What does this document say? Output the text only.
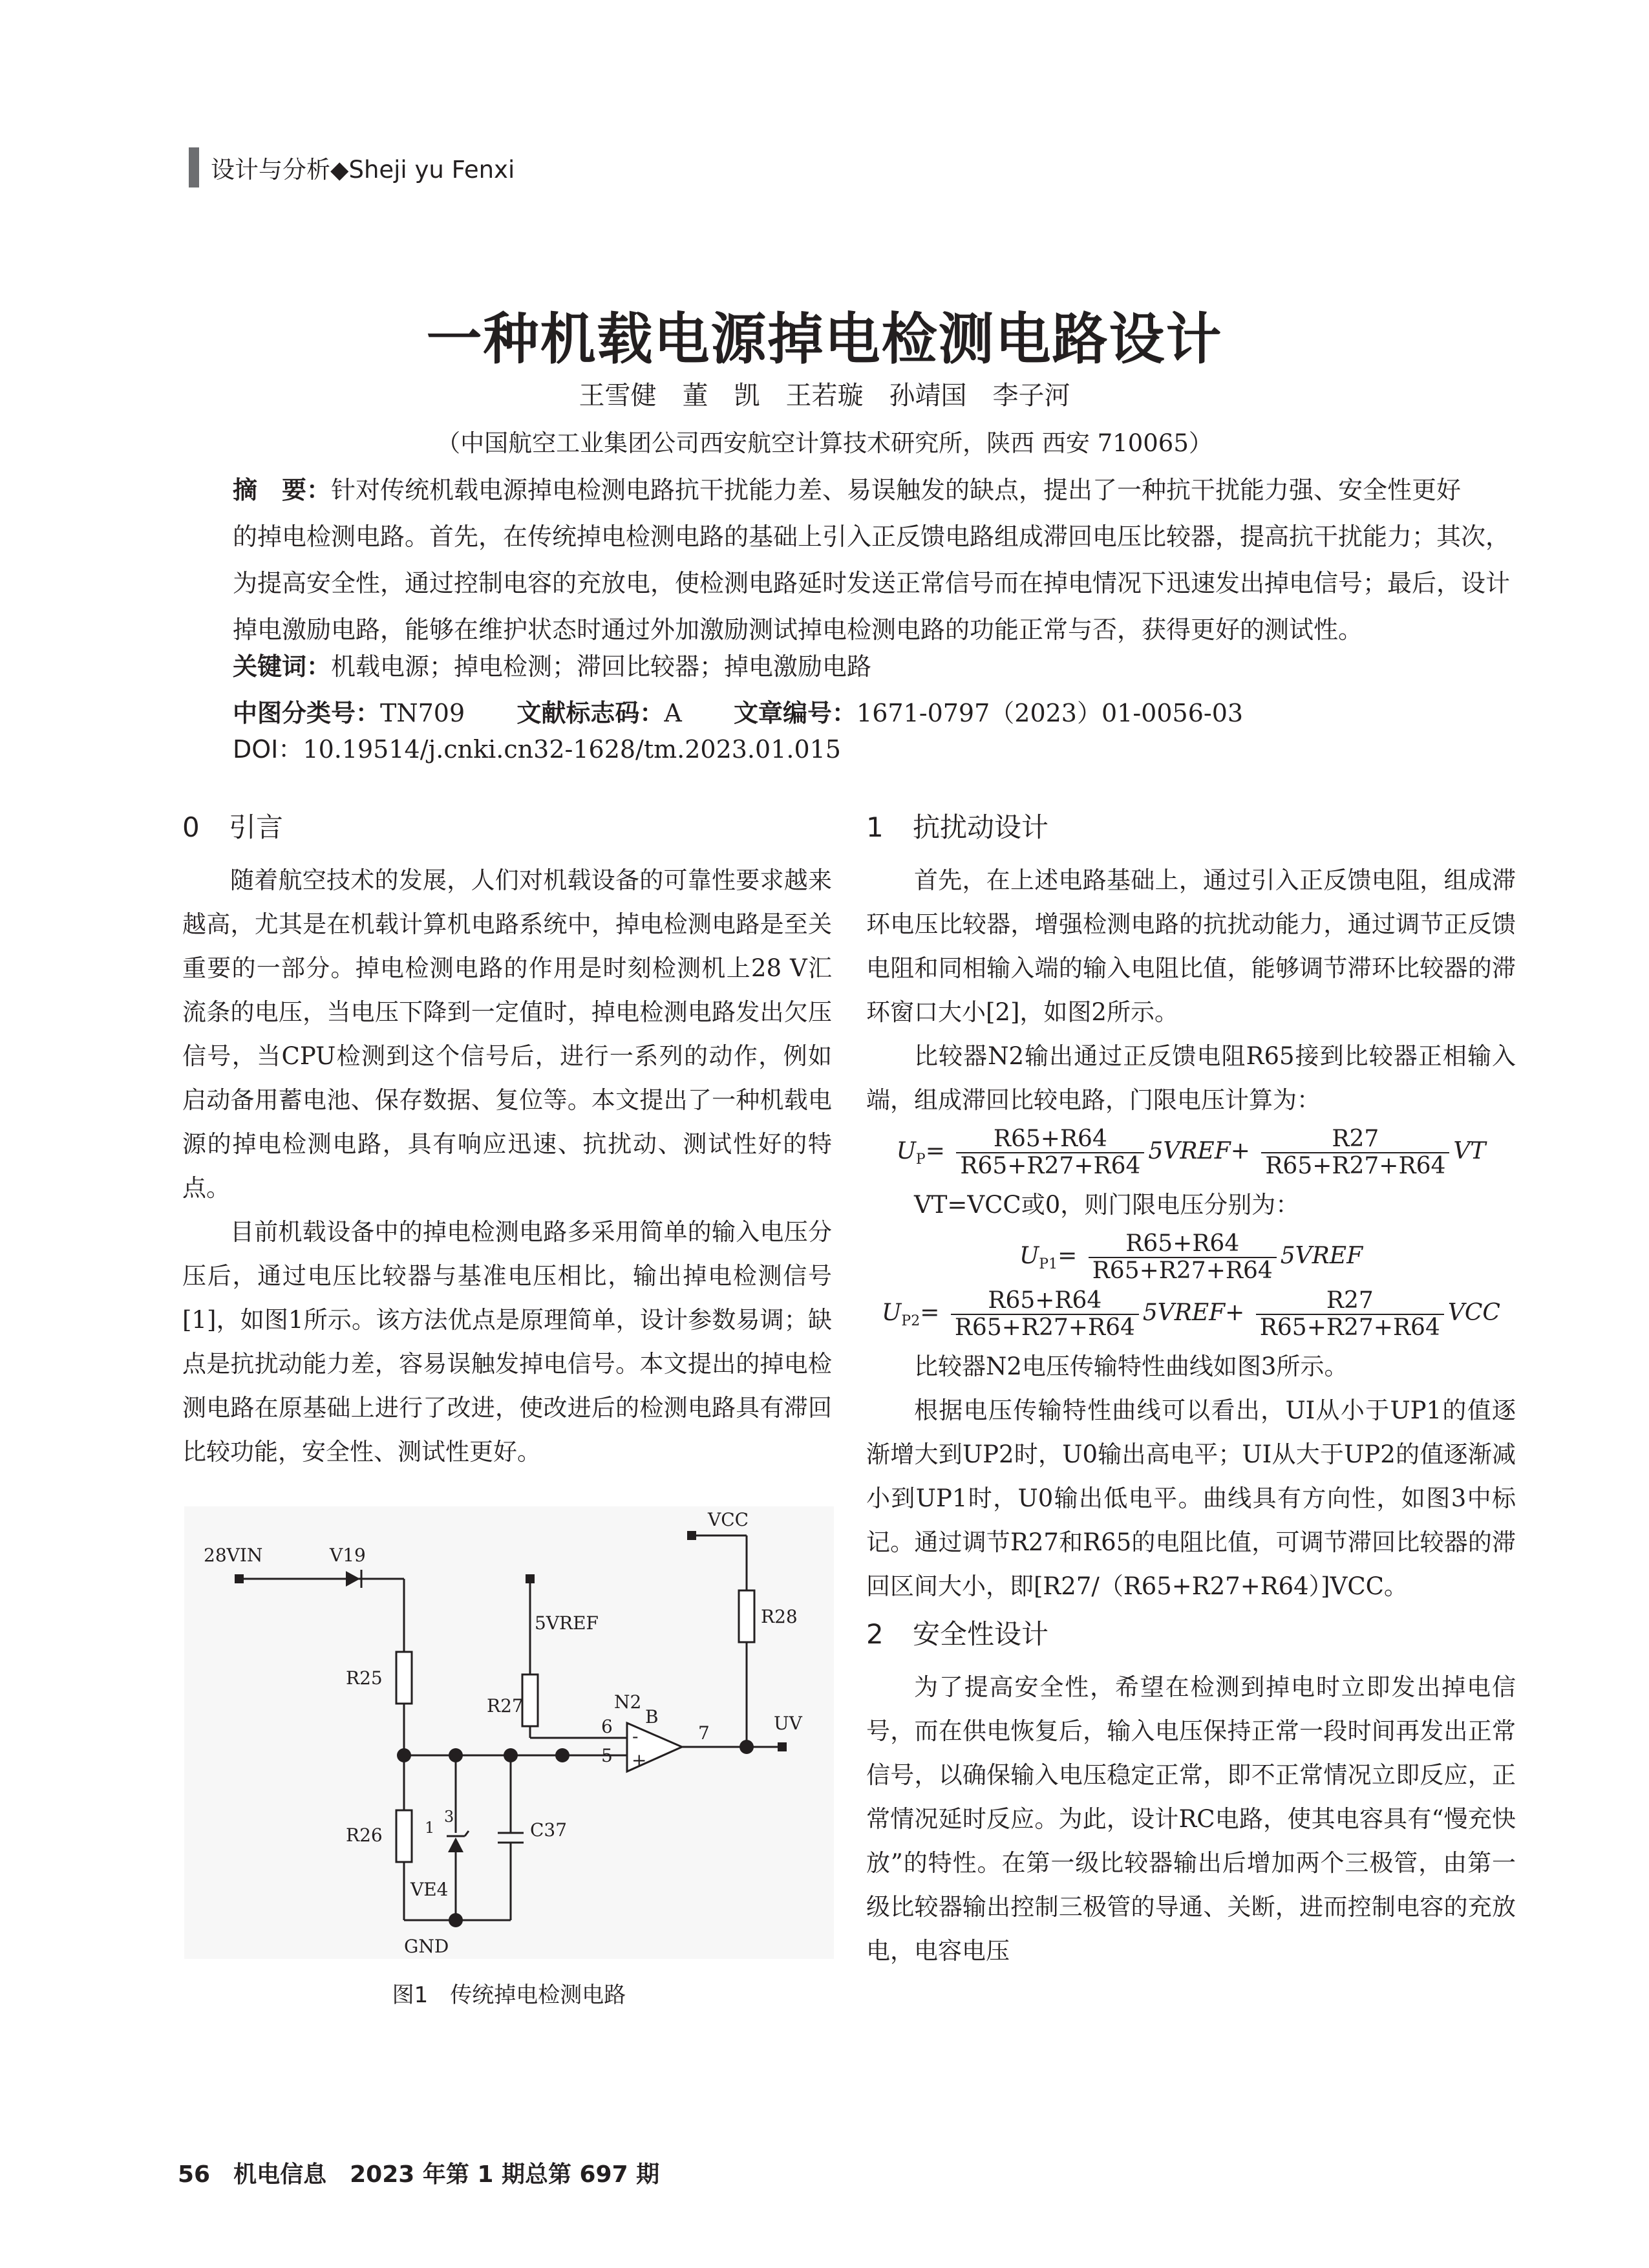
设计与分析◆Sheji yu Fenxi
一种机载电源掉电检测电路设计
王雪健　董　凯　王若璇　孙靖国　李子河
（中国航空工业集团公司西安航空计算技术研究所，陕西 西安 710065）
摘　要：针对传统机载电源掉电检测电路抗干扰能力差、易误触发的缺点，提出了一种抗干扰能力强、安全性更好
的掉电检测电路。首先，在传统掉电检测电路的基础上引入正反馈电路组成滞回电压比较器，提高抗干扰能力；其次，
为提高安全性，通过控制电容的充放电，使检测电路延时发送正常信号而在掉电情况下迅速发出掉电信号；最后，设计
掉电激励电路，能够在维护状态时通过外加激励测试掉电检测电路的功能正常与否，获得更好的测试性。
关键词：机载电源；掉电检测；滞回比较器；掉电激励电路
中图分类号：TN709 文献标志码：A 文章编号：1671-0797（2023）01-0056-03
DOI：10.19514/j.cnki.cn32-1628/tm.2023.01.015
0 引言

随着航空技术的发展，人们对机载设备的可靠性要求越来越高，尤其是在机载计算机电路系统中，掉电检测电路是至关重要的一部分。掉电检测电路的作用是时刻检测机上28 V汇流条的电压，当电压下降到一定值时，掉电检测电路发出欠压信号，当CPU检测到这个信号后，进行一系列的动作，例如启动备用蓄电池、保存数据、复位等。本文提出了一种机载电源的掉电检测电路，具有响应迅速、抗扰动、测试性好的特点。

目前机载设备中的掉电检测电路多采用简单的输入电压分压后，通过电压比较器与基准电压相比，输出掉电检测信号[1]，如图1所示。该方法优点是原理简单，设计参数易调；缺点是抗扰动能力差，容易误触发掉电信号。本文提出的掉电检测电路在原基础上进行了改进，使改进后的检测电路具有滞回比较功能，安全性、测试性更好。

28VIN	V19
R25
R26	1
3
VE4
GND
5VREF
R27	N2
B
6
5
-
+
7
C37
VCC
R28
UV
图1　传统掉电检测电路
1 抗扰动设计

首先，在上述电路基础上，通过引入正反馈电阻，组成滞环电压比较器，增强检测电路的抗扰动能力，通过调节正反馈电阻和同相输入端的输入电阻比值，能够调节滞环比较器的滞环窗口大小[2]，如图2所示。

比较器N2输出通过正反馈电阻R65接到比较器正相输入端，组成滞回比较电路，门限电压计算为：

$U_P= \frac{R65+R64}{R65+R27+R64}$ 5VREF+ $\frac{R27}{R65+R27+R64}$ VT

VT=VCC或0，则门限电压分别为：

$U_{P1}= \frac{R65+R64}{R65+R27+R64}$ 5VREF
$U_{P2}= \frac{R65+R64}{R65+R27+R64}$ 5VREF+ $\frac{R27}{R65+R27+R64}$ VCC

比较器N2电压传输特性曲线如图3所示。

根据电压传输特性曲线可以看出，UI从小于UP1的值逐渐增大到UP2时，U0输出高电平；UI从大于UP2的值逐渐减小到UP1时，U0输出低电平。曲线具有方向性，如图3中标记。通过调节R27和R65的电阻比值，可调节滞回比较器的滞回区间大小，即[R27/（R65+R27+R64）]VCC。

2 安全性设计

为了提高安全性，希望在检测到掉电时立即发出掉电信号，而在供电恢复后，输入电压保持正常一段时间再发出正常信号，以确保输入电压稳定正常，即不正常情况立即反应，正常情况延时反应。为此，设计RC电路，使其电容具有“慢充快放”的特性。在第一级比较器输出后增加两个三极管，由第一级比较器输出控制三极管的导通、关断，进而控制电容的充放电，电容电压

56　机电信息　2023 年第 1 期总第 697 期
